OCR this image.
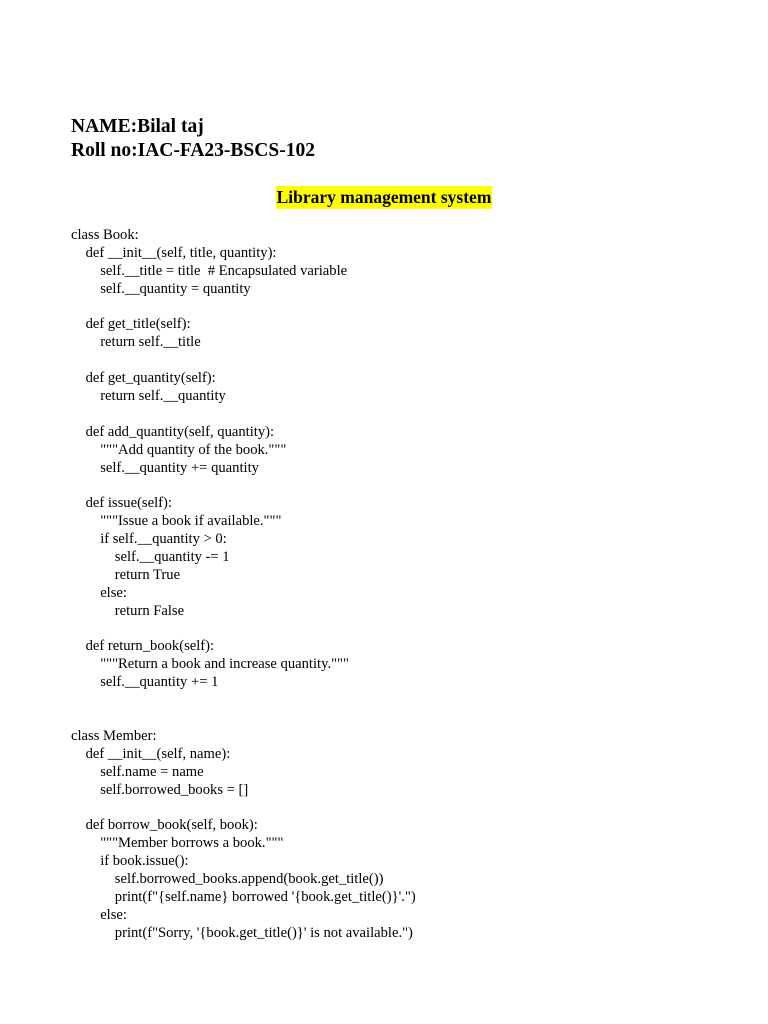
NAME:Bilal taj
Roll no:IAC-FA23-BSCS-102
Library management system
class Book:
def __init__(self, title, quantity):
self.__title = title  # Encapsulated variable
self.__quantity = quantity
def get_title(self):
return self.__title
def get_quantity(self):
return self.__quantity
def add_quantity(self, quantity):
"""Add quantity of the book."""
self.__quantity += quantity
def issue(self):
"""Issue a book if available."""
if self.__quantity > 0:
self.__quantity -= 1
return True
else:
return False
def return_book(self):
"""Return a book and increase quantity."""
self.__quantity += 1
class Member:
def __init__(self, name):
self.name = name
self.borrowed_books = []
def borrow_book(self, book):
"""Member borrows a book."""
if book.issue():
self.borrowed_books.append(book.get_title())
print(f"{self.name} borrowed '{book.get_title()}'.")
else:
print(f"Sorry, '{book.get_title()}' is not available.")
